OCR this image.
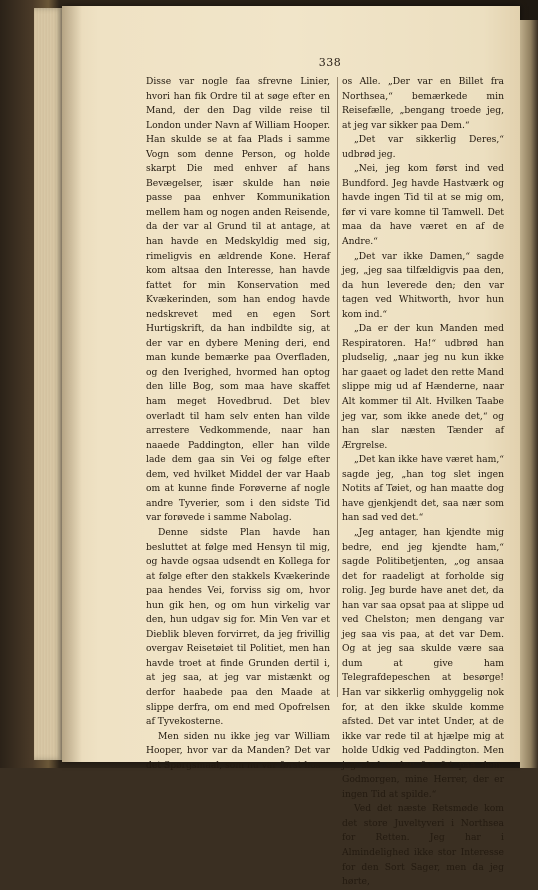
338

Disse var nogle faa sfrevne Linier, hvori han fik Ordre til at søge efter en Mand, der den Dag vilde reise til London under Navn af William Hooper. Han skulde se at faa Plads i samme Vogn som denne Person, og holde skarpt Die med enhver af hans Bevægelser, især skulde han nøie passe paa enhver Kommunikation mellem ham og nogen anden Reisende, da der var al Grund til at antage, at han havde en Medskyldig med sig, rimeligvis en ældrende Kone. Heraf kom altsaa den Interesse, han havde fattet for min Konservation med Kvækerinden, som han endog havde nedskrevet med en egen Sort Hurtigskrift, da han indbildte sig, at der var en dybere Mening deri, end man kunde bemærke paa Overfladen, og den Iverighed, hvormed han optog den lille Bog, som maa have skaffet ham meget Hovedbrud. Det blev overladt til ham selv enten han vilde arrestere Vedkommende, naar han naaede Paddington, eller han vilde lade dem gaa sin Vei og følge efter dem, ved hvilket Middel der var Haab om at kunne finde Forøverne af nogle andre Tyverier, som i den sidste Tid var forøvede i samme Nabolag.

Denne sidste Plan havde han besluttet at følge med Hensyn til mig, og havde ogsaa udsendt en Kollega for at følge efter den stakkels Kvækerinde paa hendes Vei, forviss sig om, hvor hun gik hen, og om hun virkelig var den, hun udgav sig for. Min Ven var et Dieblik bleven forvirret, da jeg frivillig overgav Reisetøiet til Politiet, men han havde troet at finde Grunden dertil i, at jeg saa, at jeg var mistænkt og derfor haabede paa den Maade at slippe derfra, om end med Opofrelsen af Tyvekosterne.

Men siden nu ikke jeg var William Hooper, hvor var da Manden? Det var det Spørgsmaal, som nu var først hos

os Alle. „Der var en Billet fra Northsea,“ bemærkede min Reisefælle, „bengang troede jeg, at jeg var sikker paa Dem.“

„Det var sikkerlig Deres,“ udbrød jeg.

„Nei, jeg kom først ind ved Bundford. Jeg havde Hastværk og havde ingen Tid til at se mig om, før vi vare komne til Tamwell. Det maa da have været en af de Andre.“

„Det var ikke Damen,“ sagde jeg, „jeg saa tilfældigvis paa den, da hun leverede den; den var tagen ved Whitworth, hvor hun kom ind.“

„Da er der kun Manden med Respiratoren. Ha!“ udbrød han pludselig, „naar jeg nu kun ikke har gaaet og ladet den rette Mand slippe mig ud af Hænderne, naar Alt kommer til Alt. Hvilken Taabe jeg var, som ikke anede det,“ og han slar næsten Tænder af Ærgrelse.

„Det kan ikke have været ham,“ sagde jeg, „han tog slet ingen Notits af Tøiet, og han maatte dog have gjenkjendt det, saa nær som han sad ved det.“

„Jeg antager, han kjendte mig bedre, end jeg kjendte ham,“ sagde Politibetjenten, „og ansaa det for raadeligt at forholde sig rolig. Jeg burde have anet det, da han var saa opsat paa at slippe ud ved Chelston; men dengang var jeg saa vis paa, at det var Dem. Og at jeg saa skulde være saa dum at give ham Telegrafdepeschen at besørge! Han var sikkerlig omhyggelig nok for, at den ikke skulde komme afsted. Det var intet Under, at de ikke var rede til at hjælpe mig at holde Udkig ved Paddington. Men jeg skal endnu faa fat paa dem. Godmorgen, mine Herrer, der er ingen Tid at spilde.“

Ved det næste Retsmøde kom det store Juveltyveri i Northsea for Retten. Jeg har i Almindelighed ikke stor Interesse for den Sort Sager, men da jeg hørte,
